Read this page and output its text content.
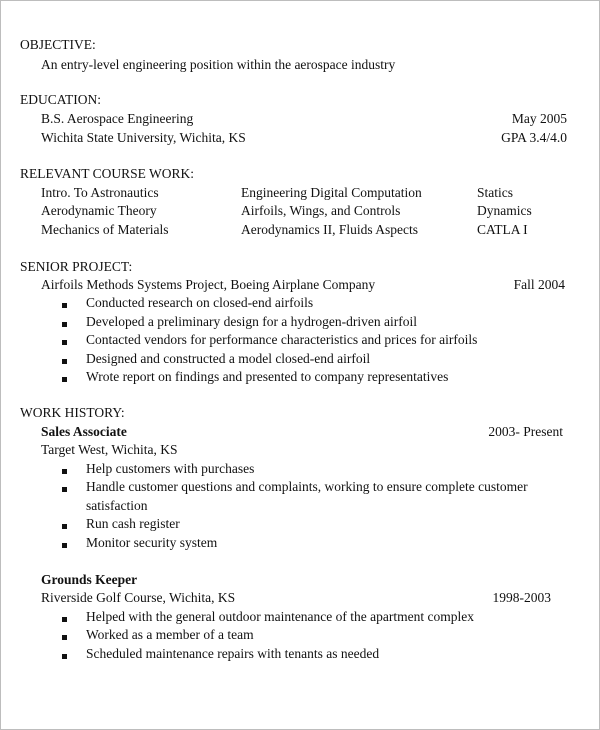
OBJECTIVE:
An entry-level engineering position within the aerospace industry
EDUCATION:
B.S. Aerospace Engineering	May 2005
Wichita State University, Wichita, KS	GPA 3.4/4.0
RELEVANT COURSE WORK:
Intro. To Astronautics	Engineering Digital Computation	Statics
Aerodynamic Theory	Airfoils, Wings, and Controls	Dynamics
Mechanics of Materials	Aerodynamics II, Fluids Aspects	CATLA I
SENIOR PROJECT:
Airfoils Methods Systems Project, Boeing Airplane Company	Fall 2004
Conducted research on closed-end airfoils
Developed a preliminary design for a hydrogen-driven airfoil
Contacted vendors for performance characteristics and prices for airfoils
Designed and constructed a model closed-end airfoil
Wrote report on findings and presented to company representatives
WORK HISTORY:
Sales Associate	2003- Present
Target West, Wichita, KS
Help customers with purchases
Handle customer questions and complaints, working to ensure complete customer
satisfaction
Run cash register
Monitor security system
Grounds Keeper
Riverside Golf Course, Wichita, KS	1998-2003
Helped with the general outdoor maintenance of the apartment complex
Worked as a member of a team
Scheduled maintenance repairs with tenants as needed
